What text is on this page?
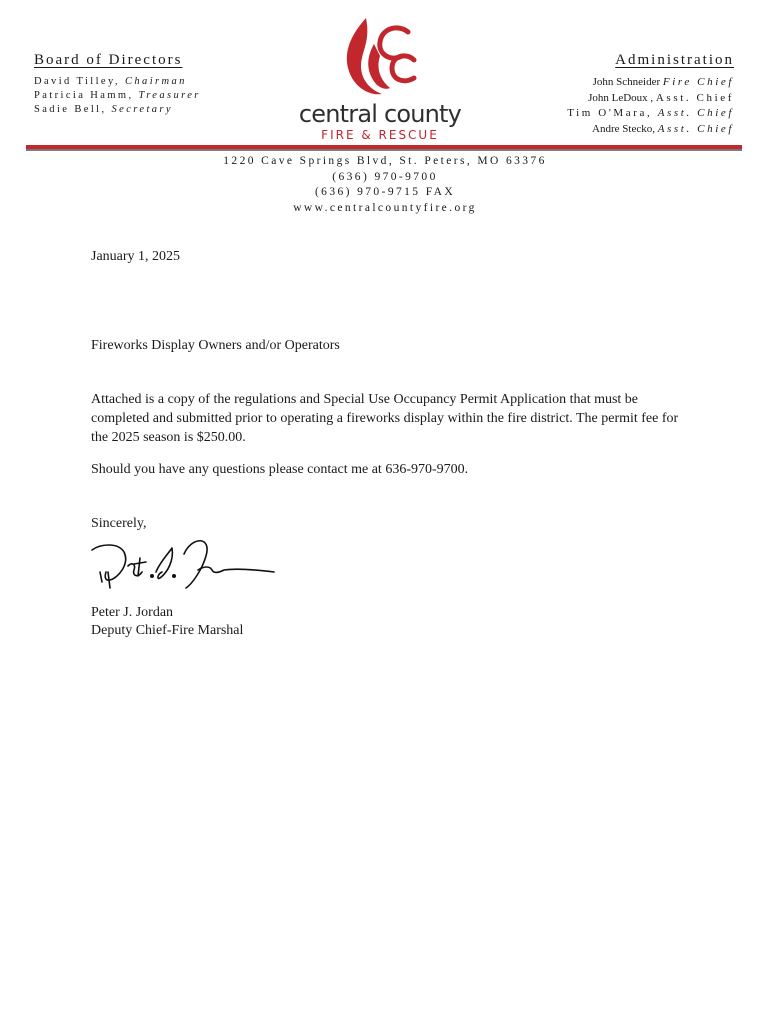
Board of Directors
David Tilley, Chairman
Patricia Hamm, Treasurer
Sadie Bell, Secretary	central county
FIRE & RESCUE
Administration
John Schneider Fire Chief
John LeDoux , Asst. Chief
Tim O'Mara, Asst. Chief
Andre Stecko, Asst. Chief
1220 Cave Springs Blvd, St. Peters, MO 63376
(636) 970-9700
(636) 970-9715 FAX
www.centralcountyfire.org
January 1, 2025
Fireworks Display Owners and/or Operators
Attached is a copy of the regulations and Special Use Occupancy Permit Application that must be completed and submitted prior to operating a fireworks display within the fire district. The permit fee for the 2025 season is $250.00.
Should you have any questions please contact me at 636-970-9700.
Sincerely,
Peter J. Jordan
Deputy Chief-Fire Marshal
